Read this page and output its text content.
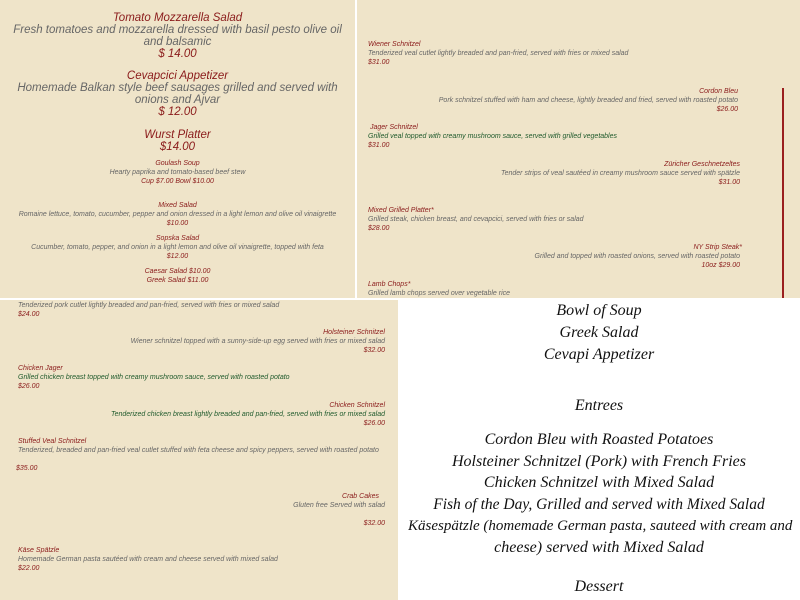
Tomato Mozzarella Salad
Fresh tomatoes and mozzarella dressed with basil pesto olive oil and balsamic
$ 14.00
Cevapcici Appetizer
Homemade Balkan style beef sausages grilled and served with onions and Ajvar
$ 12.00
Wurst Platter
$14.00
Goulash Soup
Hearty paprika and tomato-based beef stew
Cup $7.00 Bowl $10.00
Mixed Salad
Romaine lettuce, tomato, cucumber, pepper and onion dressed in a light lemon and olive oil vinaigrette
$10.00
Sopska Salad
Cucumber, tomato, pepper, and onion in a light lemon and olive oil vinaigrette, topped with feta
$12.00
Caesar Salad $10.00
Greek Salad $11.00
Wiener Schnitzel
Tenderized veal cutlet lightly breaded and pan-fried, served with fries or mixed salad
$31.00
Cordon Bleu
Pork schnitzel stuffed with ham and cheese, lightly breaded and fried, served with roasted potato
$26.00
Jager Schnitzel
Grilled veal topped with creamy mushroom sauce, served with grilled vegetables
$31.00
Züricher Geschnetzeltes
Tender strips of veal sautéed in creamy mushroom sauce served with spätzle
$31.00
Mixed Grilled Platter*
Grilled steak, chicken breast, and cevapcici, served with fries or salad
$28.00
NY Strip Steak*
Grilled and topped with roasted onions, served with roasted potato
10oz $29.00
Lamb Chops*
Grilled lamb chops served over vegetable rice
Tenderized pork cutlet lightly breaded and pan-fried, served with fries or mixed salad
$24.00
Holsteiner Schnitzel
Wiener schnitzel topped with a sunny-side-up egg served with fries or mixed salad
$32.00
Chicken Jager
Grilled chicken breast topped with creamy mushroom sauce, served with roasted potato
$26.00
Chicken Schnitzel
Tenderized chicken breast lightly breaded and pan-fried, served with fries or mixed salad
$26.00
Stuffed Veal Schnitzel
Tenderized, breaded and pan-fried veal cutlet stuffed with feta cheese and spicy peppers, served with roasted potato
$35.00
Crab Cakes
Gluten free Served with salad
$32.00
Käse Spätzle
Homemade German pasta sautéed with cream and cheese served with mixed salad
$22.00
Bowl of Soup
Greek Salad
Cevapi Appetizer
Entrees
Cordon Bleu with Roasted Potatoes
Holsteiner Schnitzel (Pork) with French Fries
Chicken Schnitzel with Mixed Salad
Fish of the Day, Grilled and served with Mixed Salad
Käsespätzle (homemade German pasta, sauteed with cream and
cheese) served with Mixed Salad
Dessert
